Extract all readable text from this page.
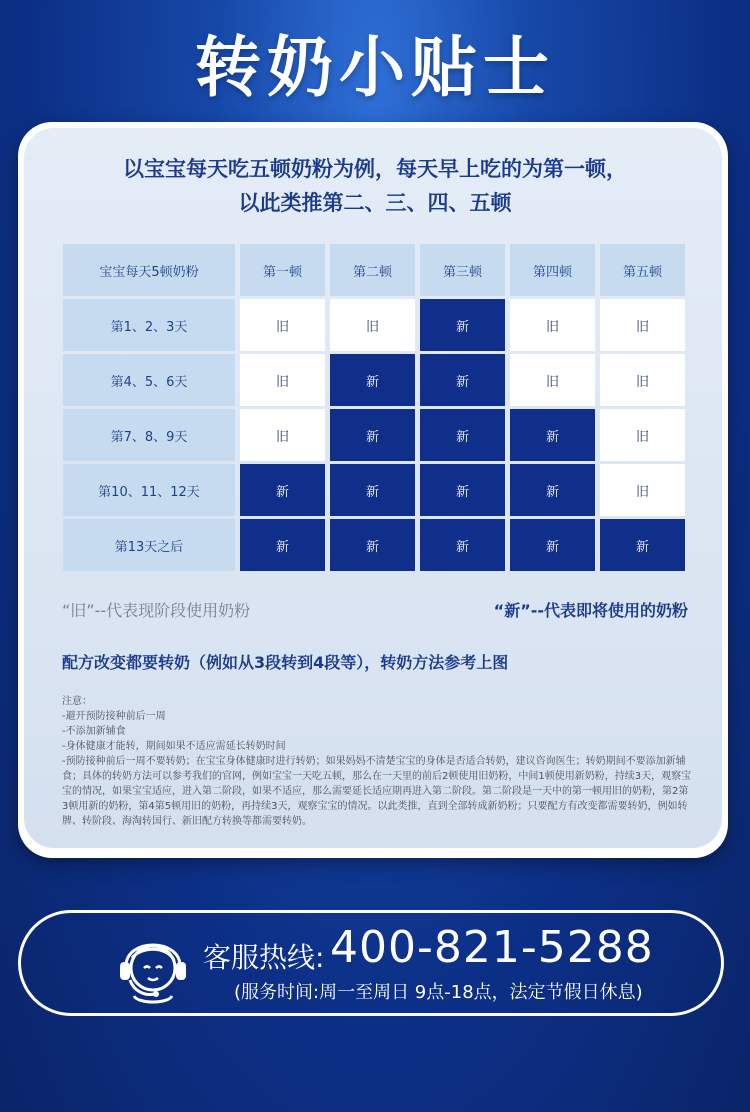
转奶小贴士
以宝宝每天吃五顿奶粉为例，每天早上吃的为第一顿，
以此类推第二、三、四、五顿
宝宝每天5顿奶粉	第一顿	第二顿	第三顿	第四顿	第五顿
第1、2、3天	旧	旧	新	旧	旧
第4、5、6天	旧	新	新	旧	旧
第7、8、9天	旧	新	新	新	旧
第10、11、12天	新	新	新	新	旧
第13天之后	新	新	新	新	新
“旧”--代表现阶段使用奶粉	“新”--代表即将使用的奶粉
配方改变都要转奶（例如从3段转到4段等），转奶方法参考上图
注意：
-避开预防接种前后一周
-不添加新辅食
-身体健康才能转，期间如果不适应需延长转奶时间
-预防接种前后一周不要转奶；在宝宝身体健康时进行转奶；如果妈妈不清楚宝宝的身体是否适合转奶，建议咨询医生；转奶期间不要添加新辅食；具体的转奶方法可以参考我们的官网，例如宝宝一天吃五顿，那么在一天里的前后2顿使用旧奶粉，中间1顿使用新奶粉，持续3天，观察宝宝的情况，如果宝宝适应，进入第二阶段，如果不适应，那么需要延长适应期再进入第二阶段。第二阶段是一天中的第一顿用旧的奶粉，第2第3顿用新的奶粉，第4第5顿用旧的奶粉，再持续3天，观察宝宝的情况。以此类推，直到全部转成新奶粉；只要配方有改变都需要转奶，例如转牌、转阶段、海淘转国行、新旧配方转换等都需要转奶。
客服热线: 400-821-5288
(服务时间:周一至周日 9点-18点，法定节假日休息)
